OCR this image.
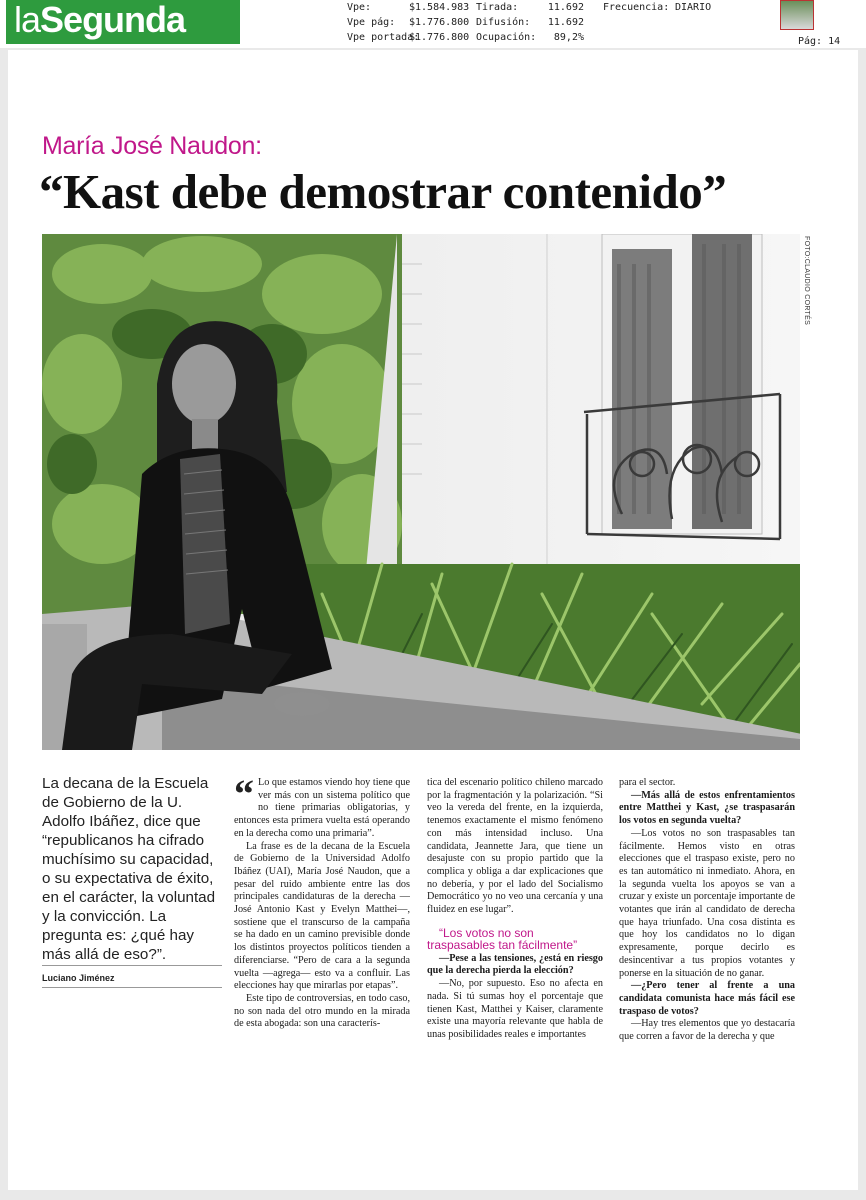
laSegunda	Vpe:	$1.584.983
Vpe pág: $1.776.800
Vpe portada:$1.776.800
Tirada:	11.692
Difusión: 11.692
Ocupación: 89,2%
Frecuencia: DIARIO
Pág: 14
María José Naudon:
“Kast debe demostrar contenido”
FOTO:CLAUDIO CORTÉS
La decana de la Escuela de Gobierno de la U. Adolfo Ibáñez, dice que “republicanos ha cifrado muchísimo su capacidad, o su expectativa de éxito, en el carácter, la voluntad y la convicción. La pregunta es: ¿qué hay más allá de eso?”.
Luciano Jiménez
“ Lo que estamos viendo hoy tiene que ver más con un sistema político que no tiene primarias obligatorias, y entonces esta primera vuelta está operando en la derecha como una primaria”.

La frase es de la decana de la Escuela de Gobierno de la Universidad Adolfo Ibáñez (UAI), María José Naudon, que a pesar del ruido ambiente entre las dos principales candidaturas de la derecha —José Antonio Kast y Evelyn Matthei—, sostiene que el transcurso de la campaña se ha dado en un camino previsible donde los distintos proyectos políticos tienden a diferenciarse. “Pero de cara a la segunda vuelta —agrega— esto va a confluir. Las elecciones hay que mirarlas por etapas”.

Este tipo de controversias, en todo caso, no son nada del otro mundo en la mirada de esta abogada: son una caracterís-

tica del escenario político chileno marcado por la fragmentación y la polarización. “Si veo la vereda del frente, en la izquierda, tenemos exactamente el mismo fenómeno con más intensidad incluso. Una candidata, Jeannette Jara, que tiene un desajuste con su propio partido que la complica y obliga a dar explicaciones que no debería, y por el lado del Socialismo Democrático yo no veo una cercanía y una fluidez en ese lugar”.

“Los votos no son traspasables tan fácilmente”

—Pese a las tensiones, ¿está en riesgo que la derecha pierda la elección?

—No, por supuesto. Eso no afecta en nada. Si tú sumas hoy el porcentaje que tienen Kast, Matthei y Kaiser, claramente existe una mayoría relevante que habla de unas posibilidades reales e importantes

para el sector.

—Más allá de estos enfrentamientos entre Matthei y Kast, ¿se traspasarán los votos en segunda vuelta?

—Los votos no son traspasables tan fácilmente. Hemos visto en otras elecciones que el traspaso existe, pero no es tan automático ni inmediato. Ahora, en la segunda vuelta los apoyos se van a cruzar y existe un porcentaje importante de votantes que irán al candidato de derecha que haya triunfado. Una cosa distinta es que hoy los candidatos no lo digan expresamente, porque decirlo es desincentivar a tus propios votantes y ponerse en la situación de no ganar.

—¿Pero tener al frente a una candidata comunista hace más fácil ese traspaso de votos?

—Hay tres elementos que yo destacaría que corren a favor de la derecha y que
